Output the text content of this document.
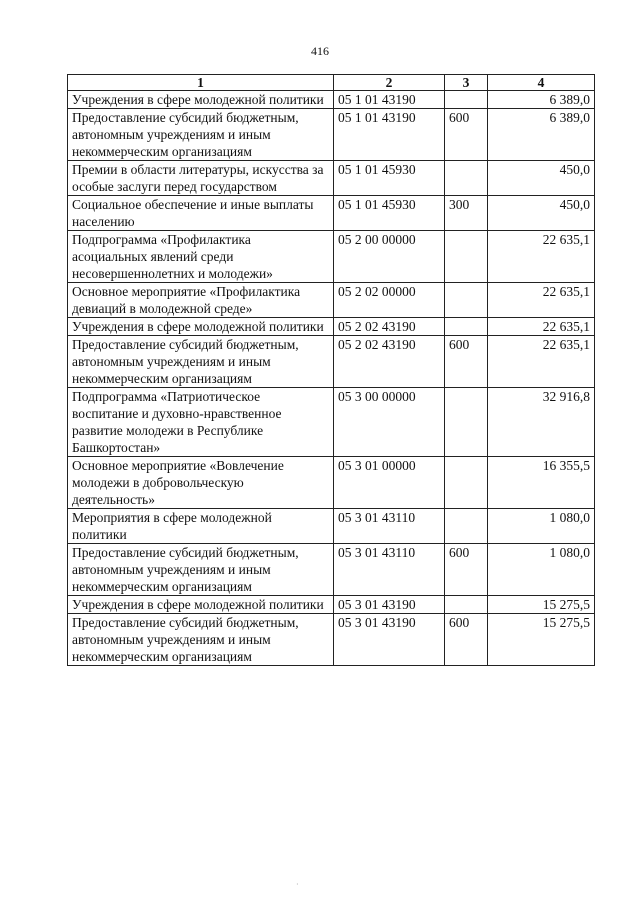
416
1	2	3	4
Учреждения в сфере молодежной политики	05 1 01 43190		6 389,0
Предоставление субсидий бюджетным, автономным учреждениям и иным некоммерческим организациям	05 1 01 43190	600	6 389,0
Премии в области литературы, искусства за особые заслуги перед государством	05 1 01 45930		450,0
Социальное обеспечение и иные выплаты населению	05 1 01 45930	300	450,0
Подпрограмма «Профилактика асоциальных явлений среди несовершеннолетних и молодежи»	05 2 00 00000		22 635,1
Основное мероприятие «Профилактика девиаций в молодежной среде»	05 2 02 00000		22 635,1
Учреждения в сфере молодежной политики	05 2 02 43190		22 635,1
Предоставление субсидий бюджетным, автономным учреждениям и иным некоммерческим организациям	05 2 02 43190	600	22 635,1
Подпрограмма «Патриотическое воспитание и духовно-нравственное развитие молодежи в Республике Башкортостан»	05 3 00 00000		32 916,8
Основное мероприятие «Вовлечение молодежи в добровольческую деятельность»	05 3 01 00000		16 355,5
Мероприятия в сфере молодежной политики	05 3 01 43110		1 080,0
Предоставление субсидий бюджетным, автономным учреждениям и иным некоммерческим организациям	05 3 01 43110	600	1 080,0
Учреждения в сфере молодежной политики	05 3 01 43190		15 275,5
Предоставление субсидий бюджетным, автономным учреждениям и иным некоммерческим организациям	05 3 01 43190	600	15 275,5
·
